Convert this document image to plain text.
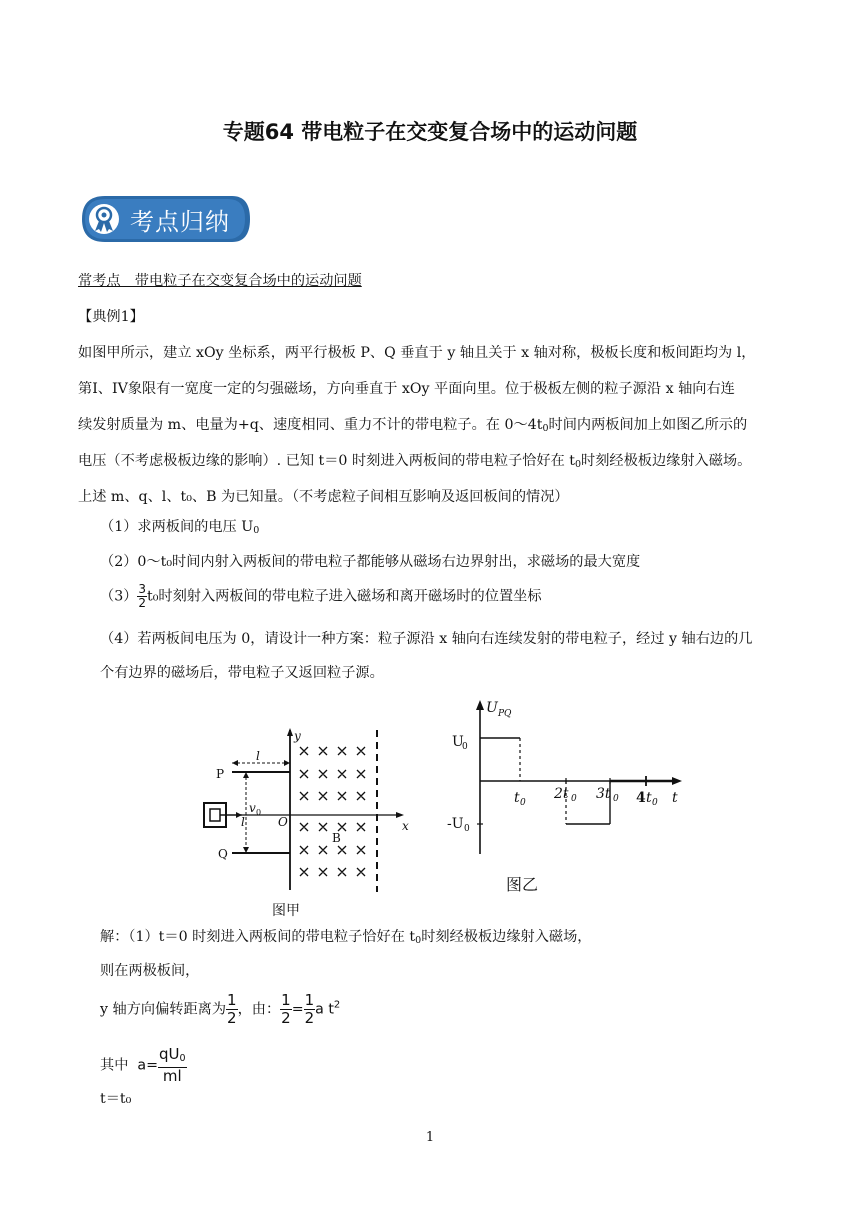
专题64 带电粒子在交变复合场中的运动问题
考点归纳
常考点　带电粒子在交变复合场中的运动问题
【典例1】
如图甲所示，建立 xOy 坐标系，两平行极板 P、Q 垂直于 y 轴且关于 x 轴对称，极板长度和板间距均为 l，
第I、IV象限有一宽度一定的匀强磁场，方向垂直于 xOy 平面向里。位于极板左侧的粒子源沿 x 轴向右连
续发射质量为 m、电量为+q、速度相同、重力不计的带电粒子。在 $0\sim 4t_0$时间内两板间加上如图乙所示的
电压（不考虑极板边缘的影响）. 已知 t＝0 时刻进入两板间的带电粒子恰好在 $t_0$时刻经极板边缘射入磁场。
上述 m、q、l、t₀、B 为已知量。（不考虑粒子间相互影响及返回板间的情况）
（1）求两板间的电压 $U_0$
（2）0～t₀时间内射入两板间的带电粒子都能够从磁场右边界射出，求磁场的最大宽度
$(3) \frac{3}{2} t_0$时刻射入两板间的带电粒子进入磁场和离开磁场时的位置坐标
（4）若两板间电压为 0，请设计一种方案：粒子源沿 x 轴向右连续发射的带电粒子，经过 y 轴右边的几
个有边界的磁场后，带电粒子又返回粒子源。
y
x
P
Q
O
B
l
l
v 0
图甲
U PQ
U
0
-U 0
t 0
2t 0 3t 0 4 t 0 t
图乙
解：（1）t＝0 时刻进入两板间的带电粒子恰好在 $t_0$时刻经极板边缘射入磁场，
则在两极板间，
y 轴方向偏转距离为 $\frac{1}{2}$ ，由： $\frac{1}{2} = \frac{1}{2}$ a $t^2$
其中 $a= \frac{qU_0}{ml}$
t＝t₀
1
